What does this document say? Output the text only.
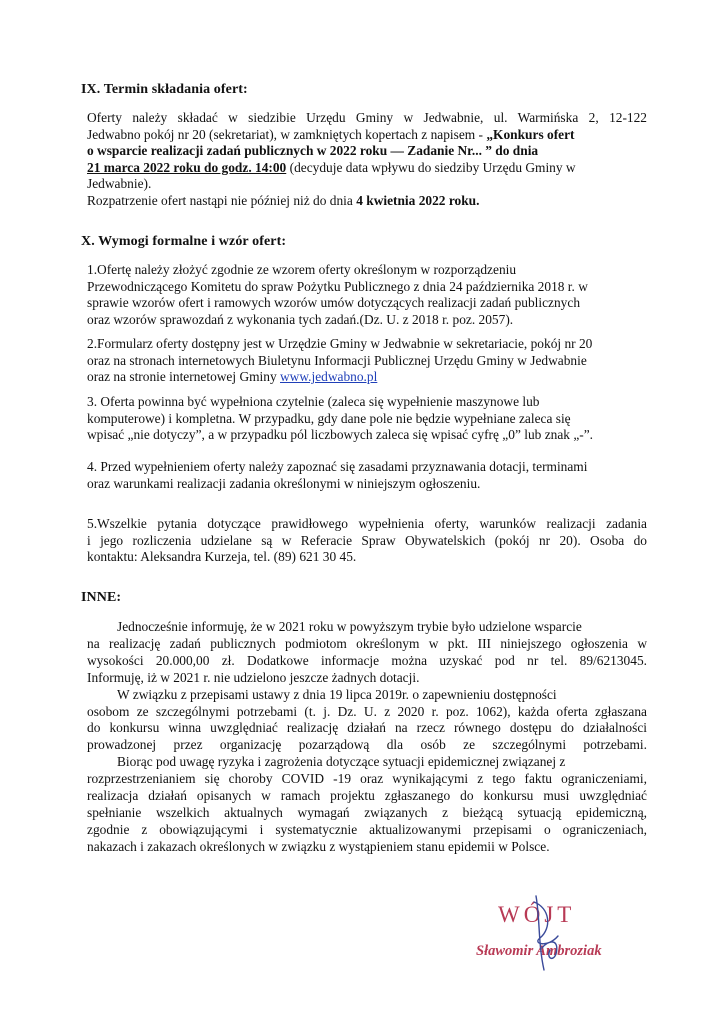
IX. Termin składania ofert:
Oferty należy składać w siedzibie Urzędu Gminy w Jedwabnie, ul. Warmińska 2, 12-122
Jedwabno pokój nr 20 (sekretariat), w zamkniętych kopertach z napisem - „Konkurs ofert
o wsparcie realizacji zadań publicznych w 2022 roku — Zadanie Nr... ” do dnia
21 marca 2022 roku do godz. 14:00 (decyduje data wpływu do siedziby Urzędu Gminy w
Jedwabnie).
Rozpatrzenie ofert nastąpi nie później niż do dnia 4 kwietnia 2022 roku.
X. Wymogi formalne i wzór ofert:
1.Ofertę należy złożyć zgodnie ze wzorem oferty określonym w rozporządzeniu
Przewodniczącego Komitetu do spraw Pożytku Publicznego z dnia 24 października 2018 r. w
sprawie wzorów ofert i ramowych wzorów umów dotyczących realizacji zadań publicznych
oraz wzorów sprawozdań z wykonania tych zadań.(Dz. U. z 2018 r. poz. 2057).
2.Formularz oferty dostępny jest w Urzędzie Gminy w Jedwabnie w sekretariacie, pokój nr 20
oraz na stronach internetowych Biuletynu Informacji Publicznej Urzędu Gminy w Jedwabnie
oraz na stronie internetowej Gminy www.jedwabno.pl
3. Oferta powinna być wypełniona czytelnie (zaleca się wypełnienie maszynowe lub
komputerowe) i kompletna. W przypadku, gdy dane pole nie będzie wypełniane zaleca się
wpisać „nie dotyczy”, a w przypadku pól liczbowych zaleca się wpisać cyfrę „0” lub znak „-”.
4. Przed wypełnieniem oferty należy zapoznać się zasadami przyznawania dotacji, terminami
oraz warunkami realizacji zadania określonymi w niniejszym ogłoszeniu.
5.Wszelkie pytania dotyczące prawidłowego wypełnienia oferty, warunków realizacji zadania
i jego rozliczenia udzielane są w Referacie Spraw Obywatelskich (pokój nr 20). Osoba do
kontaktu: Aleksandra Kurzeja, tel. (89) 621 30 45.
INNE:
Jednocześnie informuję, że w 2021 roku w powyższym trybie było udzielone wsparcie
na realizację zadań publicznych podmiotom określonym w pkt. III niniejszego ogłoszenia w
wysokości 20.000,00 zł. Dodatkowe informacje można uzyskać pod nr tel. 89/6213045.
Informuję, iż w 2021 r. nie udzielono jeszcze żadnych dotacji.
W związku z przepisami ustawy z dnia 19 lipca 2019r. o zapewnieniu dostępności
osobom ze szczególnymi potrzebami (t. j. Dz. U. z 2020 r. poz. 1062), każda oferta zgłaszana
do konkursu winna uwzględniać realizację działań na rzecz równego dostępu do działalności
prowadzonej przez organizację pozarządową dla osób ze szczególnymi potrzebami.
Biorąc pod uwagę ryzyka i zagrożenia dotyczące sytuacji epidemicznej związanej z
rozprzestrzenianiem się choroby COVID -19 oraz wynikającymi z tego faktu ograniczeniami,
realizacja działań opisanych w ramach projektu zgłaszanego do konkursu musi uwzględniać
spełnianie wszelkich aktualnych wymagań związanych z bieżącą sytuacją epidemiczną,
zgodnie z obowiązującymi i systematycznie aktualizowanymi przepisami o ograniczeniach,
nakazach i zakazach określonych w związku z wystąpieniem stanu epidemii w Polsce.
WÓJT
Sławomir Ambroziak
